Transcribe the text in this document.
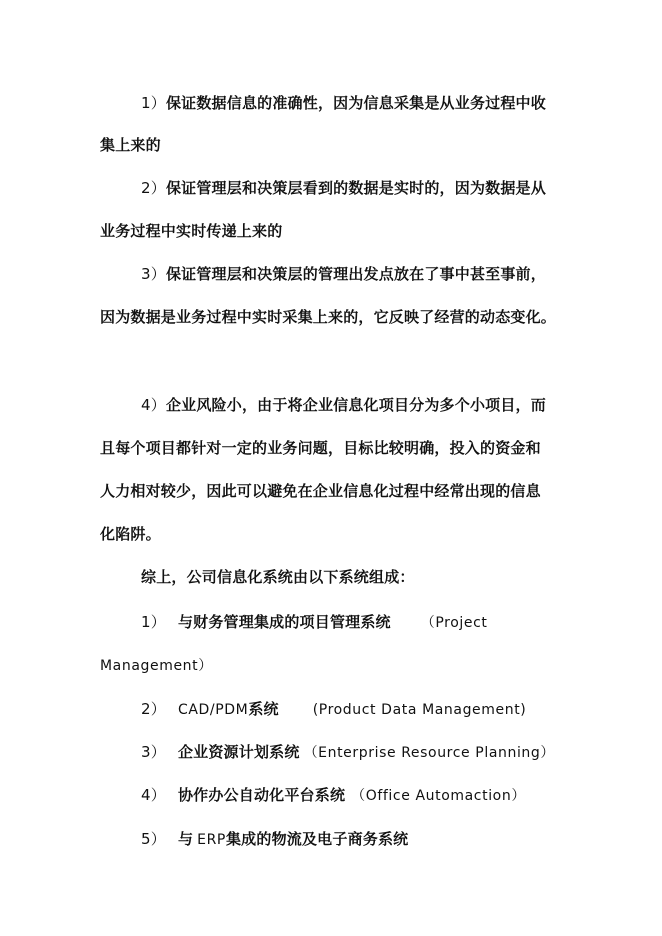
1）保证数据信息的准确性，因为信息采集是从业务过程中收
集上来的
2）保证管理层和决策层看到的数据是实时的，因为数据是从
业务过程中实时传递上来的
3）保证管理层和决策层的管理出发点放在了事中甚至事前，
因为数据是业务过程中实时采集上来的，它反映了经营的动态变化。
4）企业风险小，由于将企业信息化项目分为多个小项目，而
且每个项目都针对一定的业务问题，目标比较明确，投入的资金和
人力相对较少，因此可以避免在企业信息化过程中经常出现的信息
化陷阱。
综上，公司信息化系统由以下系统组成：
1） 与财务管理集成的项目管理系统 （Project
Management）
2） CAD/PDM系统 (Product Data Management)
3） 企业资源计划系统 （Enterprise Resource Planning）
4） 协作办公自动化平台系统 （Office Automaction）
5） 与 ERP集成的物流及电子商务系统
